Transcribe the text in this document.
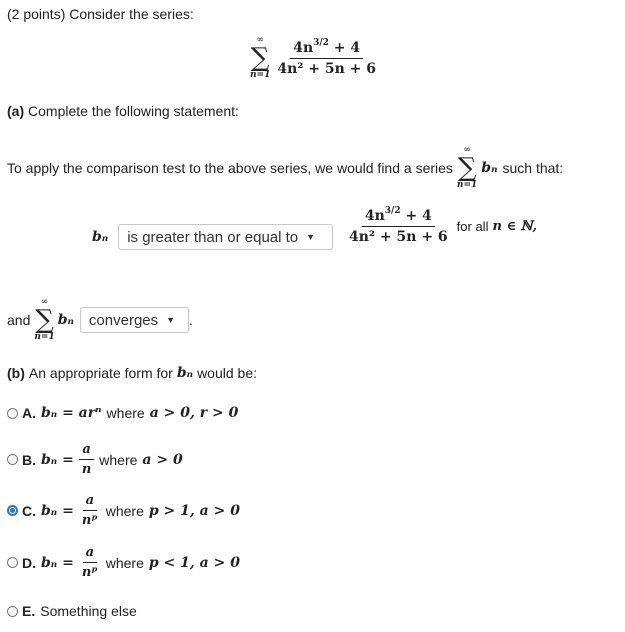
(2 points) Consider the series:
∞
∑
$n=1 \frac{4n^{3/2} + 4}{\text{4n² + 5n + 6}}$
(a) Complete the following statement:
To apply the comparison test to the above series, we would find a series
∞
∑
n=1
bₙ such that:
bₙ is greater than or equal to ▼ $\frac{4n^{3/2} + 4}{\text{4n² + 5n + 6}}$ for all n ∈ ℕ,
and
∞
∑
n=1
bₙ converges ▼ .
(b) An appropriate form for bₙ would be:
A. bₙ = arⁿ where a > 0, r > 0
B. $b_n = \frac{a}{n}$ where a > 0
C. $b_n = \frac{a}{\text{nᵖ}}$ where p > 1, a > 0
D. $b_n = \frac{a}{\text{nᵖ}}$ where p < 1, a > 0
E. Something else
